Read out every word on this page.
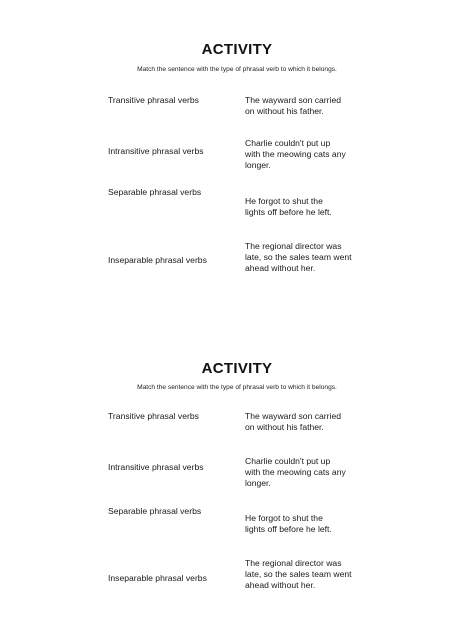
ACTIVITY
Match the sentence with the type of phrasal verb to which it belongs.
Transitive phrasal verbs
Intransitive phrasal verbs
Separable phrasal verbs
Inseparable phrasal verbs
The wayward son carried
on without his father.
Charlie couldn't put up
with the meowing cats any
longer.
He forgot to shut the
lights off before he left.
The regional director was
late, so the sales team went
ahead without her.
ACTIVITY
Match the sentence with the type of phrasal verb to which it belongs.
Transitive phrasal verbs
Intransitive phrasal verbs
Separable phrasal verbs
Inseparable phrasal verbs
The wayward son carried
on without his father.
Charlie couldn't put up
with the meowing cats any
longer.
He forgot to shut the
lights off before he left.
The regional director was
late, so the sales team went
ahead without her.
